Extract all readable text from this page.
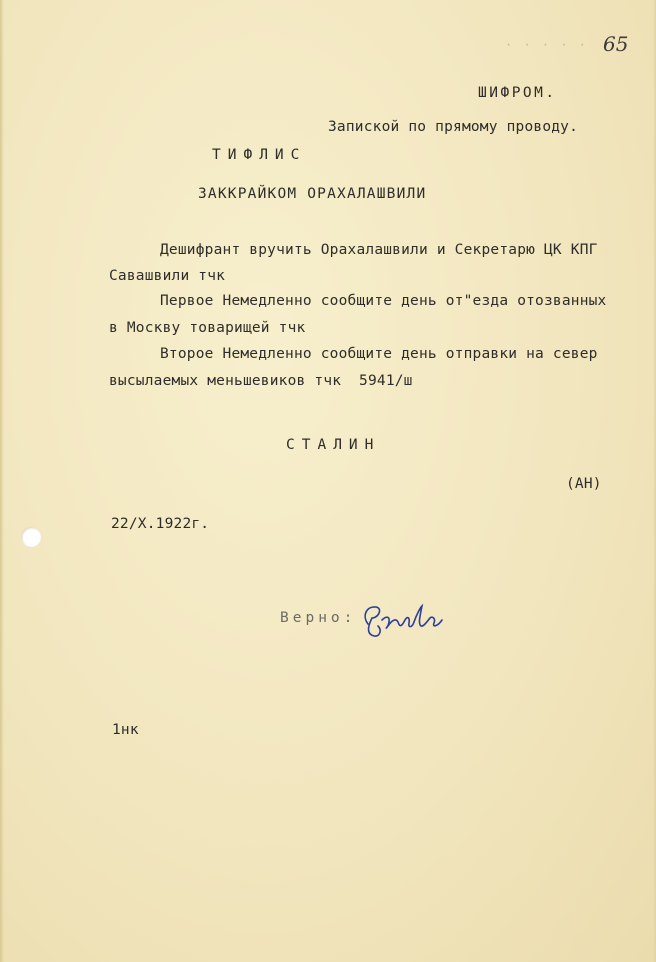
· · · · · 65
ШИФРОМ.
Запиской по прямому проводу.
ТИФЛИС
ЗАККРАЙКОМ ОРАХАЛАШВИЛИ
Дешифрант вручить Орахалашвили и Секретарю ЦК КПГ
Савашвили тчк
Первое Немедленно сообщите день от"езда отозванных
в Москву товарищей тчк
Второе Немедленно сообщите день отправки на север
высылаемых меньшевиков тчк  5941/ш
СТАЛИН
(АН)
22/X.1922г.
Верно:
1нк
